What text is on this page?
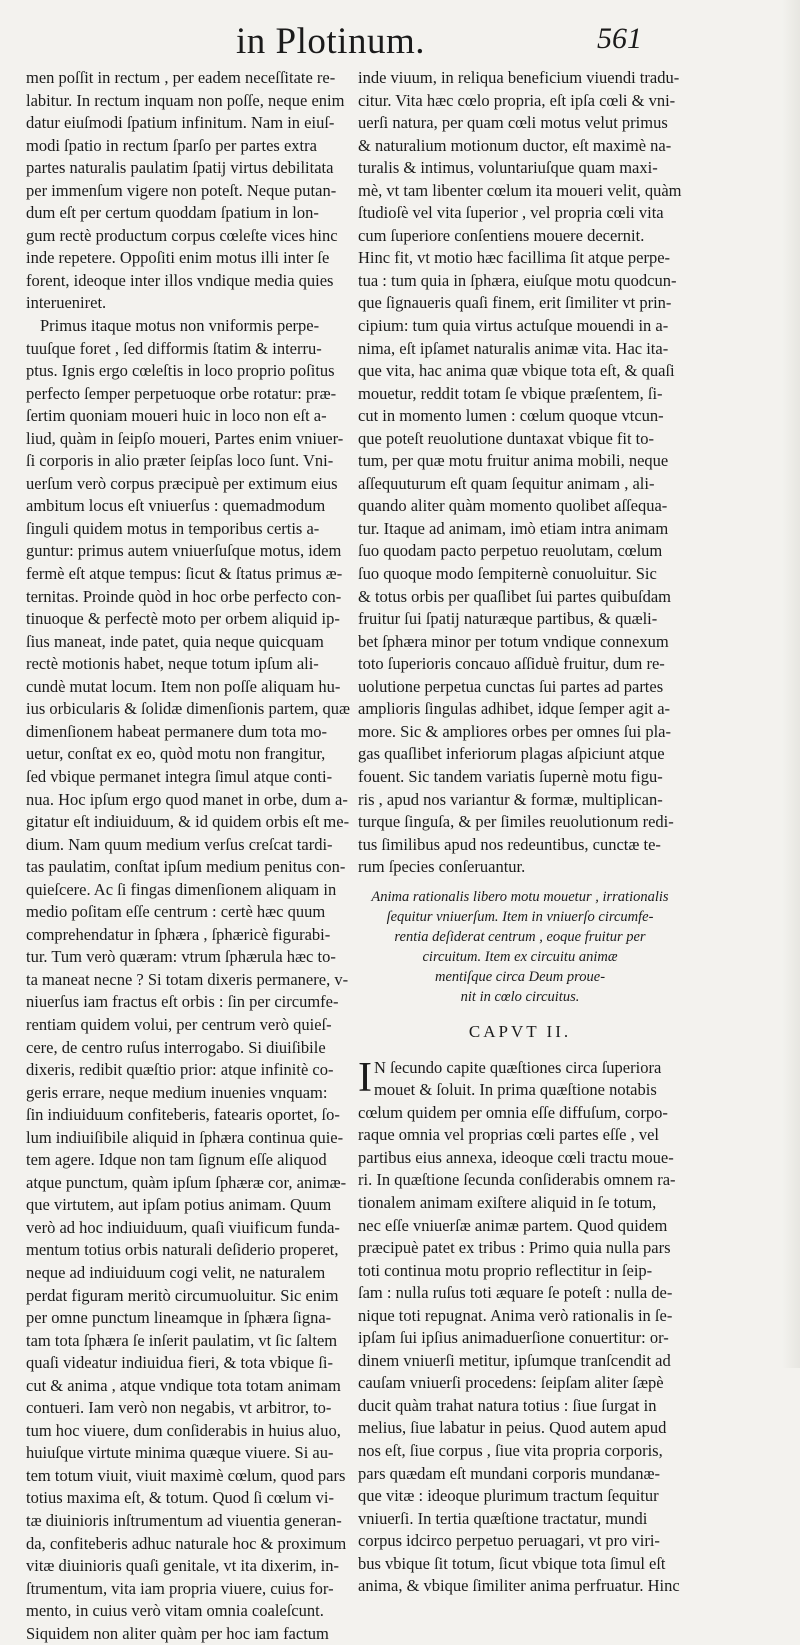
in Plotinum.	561
men poſſit in rectum , per eadem neceſſitate re-
labitur. In rectum inquam non poſſe, neque enim
datur eiuſmodi ſpatium infinitum. Nam in eiuſ-
modi ſpatio in rectum ſparſo per partes extra
partes naturalis paulatim ſpatij virtus debilitata
per immenſum vigere non poteſt. Neque putan-
dum eſt per certum quoddam ſpatium in lon-
gum rectè productum corpus cœleſte vices hinc
inde repetere. Oppoſiti enim motus illi inter ſe
forent, ideoque inter illos vndique media quies
interueniret.
Primus itaque motus non vniformis perpe-
tuuſque foret , ſed difformis ſtatim & interru-
ptus. Ignis ergo cœleſtis in loco proprio poſitus
perfecto ſemper perpetuoque orbe rotatur: præ-
ſertim quoniam moueri huic in loco non eſt a-
liud, quàm in ſeipſo moueri, Partes enim vniuer-
ſi corporis in alio præter ſeipſas loco ſunt. Vni-
uerſum verò corpus præcipuè per extimum eius
ambitum locus eſt vniuerſus : quemadmodum
ſinguli quidem motus in temporibus certis a-
guntur: primus autem vniuerſuſque motus, idem
fermè eſt atque tempus: ſicut & ſtatus primus æ-
ternitas. Proinde quòd in hoc orbe perfecto con-
tinuoque & perfectè moto per orbem aliquid ip-
ſius maneat, inde patet, quia neque quicquam
rectè motionis habet, neque totum ipſum ali-
cundè mutat locum. Item non poſſe aliquam hu-
ius orbicularis & ſolidæ dimenſionis partem, quæ
dimenſionem habeat permanere dum tota mo-
uetur, conſtat ex eo, quòd motu non frangitur,
ſed vbique permanet integra ſimul atque conti-
nua. Hoc ipſum ergo quod manet in orbe, dum a-
gitatur eſt indiuiduum, & id quidem orbis eſt me-
dium. Nam quum medium verſus creſcat tardi-
tas paulatim, conſtat ipſum medium penitus con-
quieſcere. Ac ſi fingas dimenſionem aliquam in
medio poſitam eſſe centrum : certè hæc quum
comprehendatur in ſphæra , ſphæricè figurabi-
tur. Tum verò quæram: vtrum ſphærula hæc to-
ta maneat necne ? Si totam dixeris permanere, v-
niuerſus iam fractus eſt orbis : ſin per circumfe-
rentiam quidem volui, per centrum verò quieſ-
cere, de centro ruſus interrogabo. Si diuiſibile
dixeris, redibit quæſtio prior: atque infinitè co-
geris errare, neque medium inuenies vnquam:
ſin indiuiduum confiteberis, fatearis oportet, ſo-
lum indiuiſibile aliquid in ſphæra continua quie-
tem agere. Idque non tam ſignum eſſe aliquod
atque punctum, quàm ipſum ſphæræ cor, animæ-
que virtutem, aut ipſam potius animam. Quum
verò ad hoc indiuiduum, quaſi viuificum funda-
mentum totius orbis naturali deſiderio properet,
neque ad indiuiduum cogi velit, ne naturalem
perdat figuram meritò circumuoluitur. Sic enim
per omne punctum lineamque in ſphæra ſigna-
tam tota ſphæra ſe inſerit paulatim, vt ſic ſaltem
quaſi videatur indiuidua fieri, & tota vbique ſi-
cut & anima , atque vndique tota totam animam
contueri. Iam verò non negabis, vt arbitror, to-
tum hoc viuere, dum conſiderabis in huius aluo,
huiuſque virtute minima quæque viuere. Si au-
tem totum viuit, viuit maximè cœlum, quod pars
totius maxima eſt, & totum. Quod ſi cœlum vi-
tæ diuinioris inſtrumentum ad viuentia generan-
da, confiteberis adhuc naturale hoc & proximum
vitæ diuinioris quaſi genitale, vt ita dixerim, in-
ſtrumentum, vita iam propria viuere, cuius for-
mento, in cuius verò vitam omnia coaleſcunt.
Siquidem non aliter quàm per hoc iam factum
inde viuum, in reliqua beneficium viuendi tradu-
citur. Vita hæc cœlo propria, eſt ipſa cœli & vni-
uerſi natura, per quam cœli motus velut primus
& naturalium motionum ductor, eſt maximè na-
turalis & intimus, voluntariuſque quam maxi-
mè, vt tam libenter cœlum ita moueri velit, quàm
ſtudioſè vel vita ſuperior , vel propria cœli vita
cum ſuperiore conſentiens mouere decernit.
Hinc fit, vt motio hæc facillima ſit atque perpe-
tua : tum quia in ſphæra, eiuſque motu quodcun-
que ſignaueris quaſi finem, erit ſimiliter vt prin-
cipium: tum quia virtus actuſque mouendi in a-
nima, eſt ipſamet naturalis animæ vita. Hac ita-
que vita, hac anima quæ vbique tota eſt, & quaſi
mouetur, reddit totam ſe vbique præſentem, ſi-
cut in momento lumen : cœlum quoque vtcun-
que poteſt reuolutione duntaxat vbique fit to-
tum, per quæ motu fruitur anima mobili, neque
aſſequuturum eſt quam ſequitur animam , ali-
quando aliter quàm momento quolibet aſſequa-
tur. Itaque ad animam, imò etiam intra animam
ſuo quodam pacto perpetuo reuolutam, cœlum
ſuo quoque modo ſempiternè conuoluitur. Sic
& totus orbis per quaſlibet ſui partes quibuſdam
fruitur ſui ſpatij naturæque partibus, & quæli-
bet ſphæra minor per totum vndique connexum
toto ſuperioris concauo aſſiduè fruitur, dum re-
uolutione perpetua cunctas ſui partes ad partes
amplioris ſingulas adhibet, idque ſemper agit a-
more. Sic & ampliores orbes per omnes ſui pla-
gas quaſlibet inferiorum plagas aſpiciunt atque
fouent. Sic tandem variatis ſupernè motu figu-
ris , apud nos variantur & formæ, multiplican-
turque ſinguſa, & per ſimiles reuolutionum redi-
tus ſimilibus apud nos redeuntibus, cunctæ te-
rum ſpecies conſeruantur.
Anima rationalis libero motu mouetur , irrationalis
ſequitur vniuerſum. Item in vniuerſo circumfe-
rentia deſiderat centrum , eoque fruitur per
circuitum. Item ex circuitu animæ
mentiſque circa Deum proue-
nit in cœlo circuitus.
CAPVT II.
I N ſecundo capite quæſtiones circa ſuperiora
mouet & ſoluit. In prima quæſtione notabis
cœlum quidem per omnia eſſe diffuſum, corpo-
raque omnia vel proprias cœli partes eſſe , vel
partibus eius annexa, ideoque cœli tractu moue-
ri. In quæſtione ſecunda conſiderabis omnem ra-
tionalem animam exiſtere aliquid in ſe totum,
nec eſſe vniuerſæ animæ partem. Quod quidem
præcipuè patet ex tribus : Primo quia nulla pars
toti continua motu proprio reflectitur in ſeip-
ſam : nulla ruſus toti æquare ſe poteſt : nulla de-
nique toti repugnat. Anima verò rationalis in ſe-
ipſam ſui ipſius animaduerſione conuertitur: or-
dinem vniuerſi metitur, ipſumque tranſcendit ad
cauſam vniuerſi procedens: ſeipſam aliter ſæpè
ducit quàm trahat natura totius : ſiue ſurgat in
melius, ſiue labatur in peius. Quod autem apud
nos eſt, ſiue corpus , ſiue vita propria corporis,
pars quædam eſt mundani corporis mundanæ-
que vitæ : ideoque plurimum tractum ſequitur
vniuerſi. In tertia quæſtione tractatur, mundi
corpus idcirco perpetuo peruagari, vt pro viri-
bus vbique ſit totum, ſicut vbique tota ſimul eſt
anima, & vbique ſimiliter anima perfruatur. Hinc
